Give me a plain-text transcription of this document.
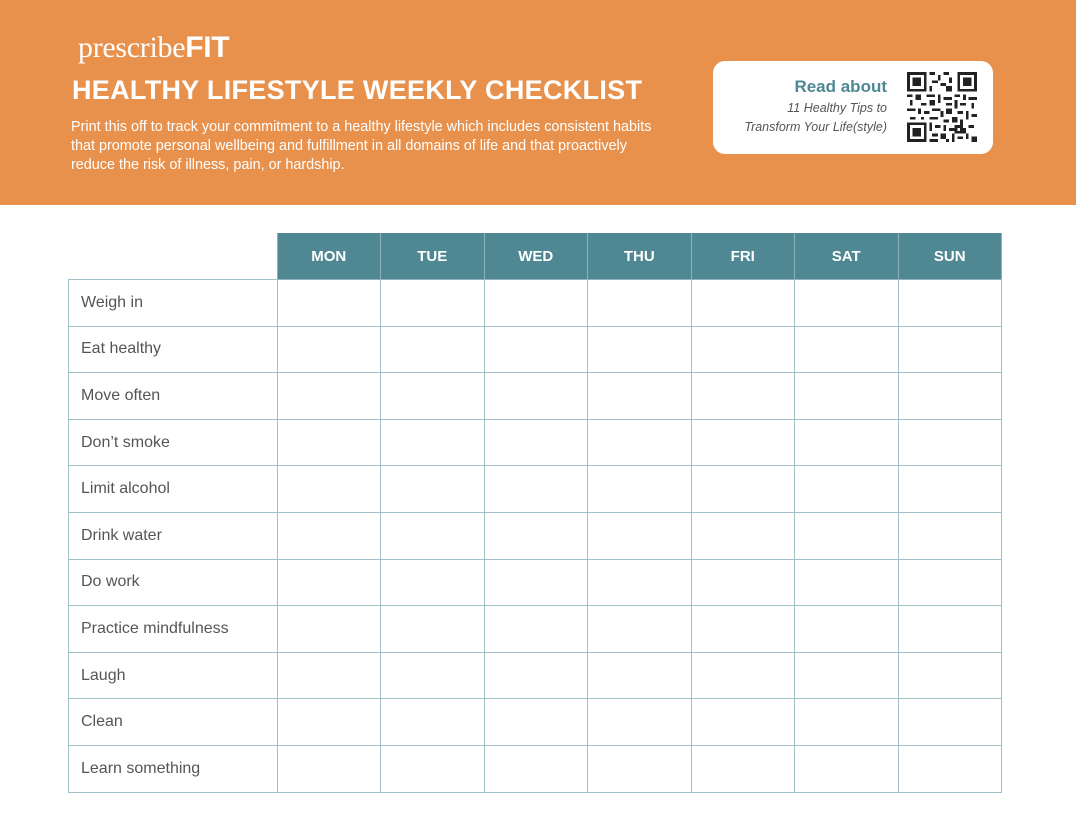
prescribeFIT
HEALTHY LIFESTYLE WEEKLY CHECKLIST
Print this off to track your commitment to a healthy lifestyle which includes consistent habits that promote personal wellbeing and fulfillment in all domains of life and that proactively reduce the risk of illness, pain, or hardship.
Read about
11 Healthy Tips to
Transform Your Life(style)
	MON	TUE	WED	THU	FRI	SAT	SUN
Weigh in							
Eat healthy							
Move often							
Don’t smoke							
Limit alcohol							
Drink water							
Do work							
Practice mindfulness							
Laugh							
Clean							
Learn something							
